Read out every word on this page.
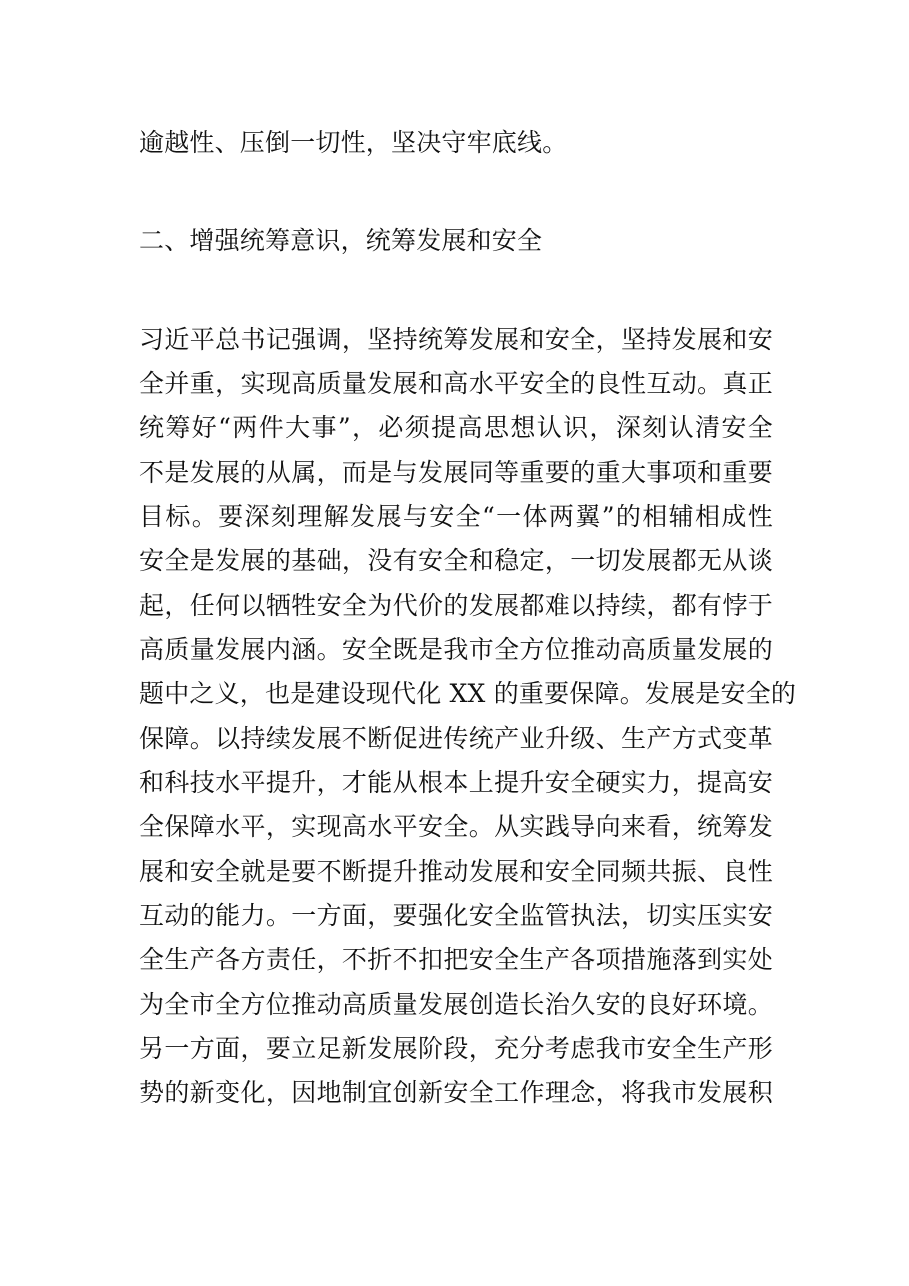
逾越性、压倒一切性，坚决守牢底线。
二、增强统筹意识，统筹发展和安全
习近平总书记强调，坚持统筹发展和安全，坚持发展和安
全并重，实现高质量发展和高水平安全的良性互动。真正
统筹好“两件大事”，必须提高思想认识，深刻认清安全
不是发展的从属，而是与发展同等重要的重大事项和重要
目标。要深刻理解发展与安全“一体两翼”的相辅相成性
安全是发展的基础，没有安全和稳定，一切发展都无从谈
起，任何以牺牲安全为代价的发展都难以持续，都有悖于
高质量发展内涵。安全既是我市全方位推动高质量发展的
题中之义，也是建设现代化 XX 的重要保障。发展是安全的
保障。以持续发展不断促进传统产业升级、生产方式变革
和科技水平提升，才能从根本上提升安全硬实力，提高安
全保障水平，实现高水平安全。从实践导向来看，统筹发
展和安全就是要不断提升推动发展和安全同频共振、良性
互动的能力。一方面，要强化安全监管执法，切实压实安
全生产各方责任，不折不扣把安全生产各项措施落到实处
为全市全方位推动高质量发展创造长治久安的良好环境。
另一方面，要立足新发展阶段，充分考虑我市安全生产形
势的新变化，因地制宜创新安全工作理念，将我市发展积
